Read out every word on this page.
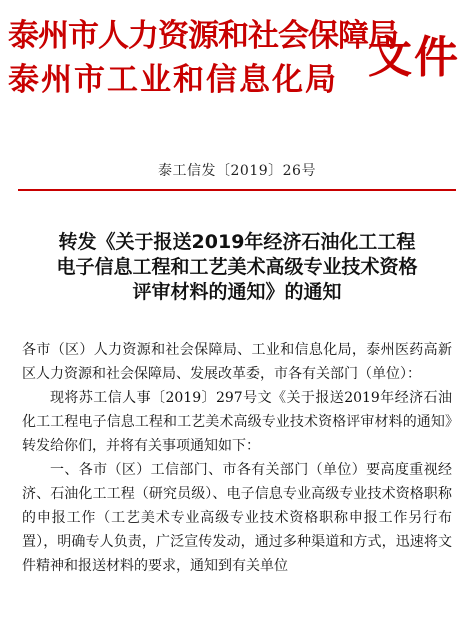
泰州市人力资源和社会保障局
泰州市工业和信息化局 文件
泰工信发〔2019〕26号
转发《关于报送2019年经济石油化工工程
电子信息工程和工艺美术高级专业技术资格
评审材料的通知》的通知

各市（区）人力资源和社会保障局、工业和信息化局，泰州医药高新区人力资源和社会保障局、发展改革委，市各有关部门（单位）：

现将苏工信人事〔2019〕297号文《关于报送2019年经济石油化工工程电子信息工程和工艺美术高级专业技术资格评审材料的通知》转发给你们，并将有关事项通知如下：

一、各市（区）工信部门、市各有关部门（单位）要高度重视经济、石油化工工程（研究员级）、电子信息专业高级专业技术资格职称的申报工作（工艺美术专业高级专业技术资格职称申报工作另行布置），明确专人负责，广泛宣传发动，通过多种渠道和方式，迅速将文件精神和报送材料的要求，通知到有关单位
